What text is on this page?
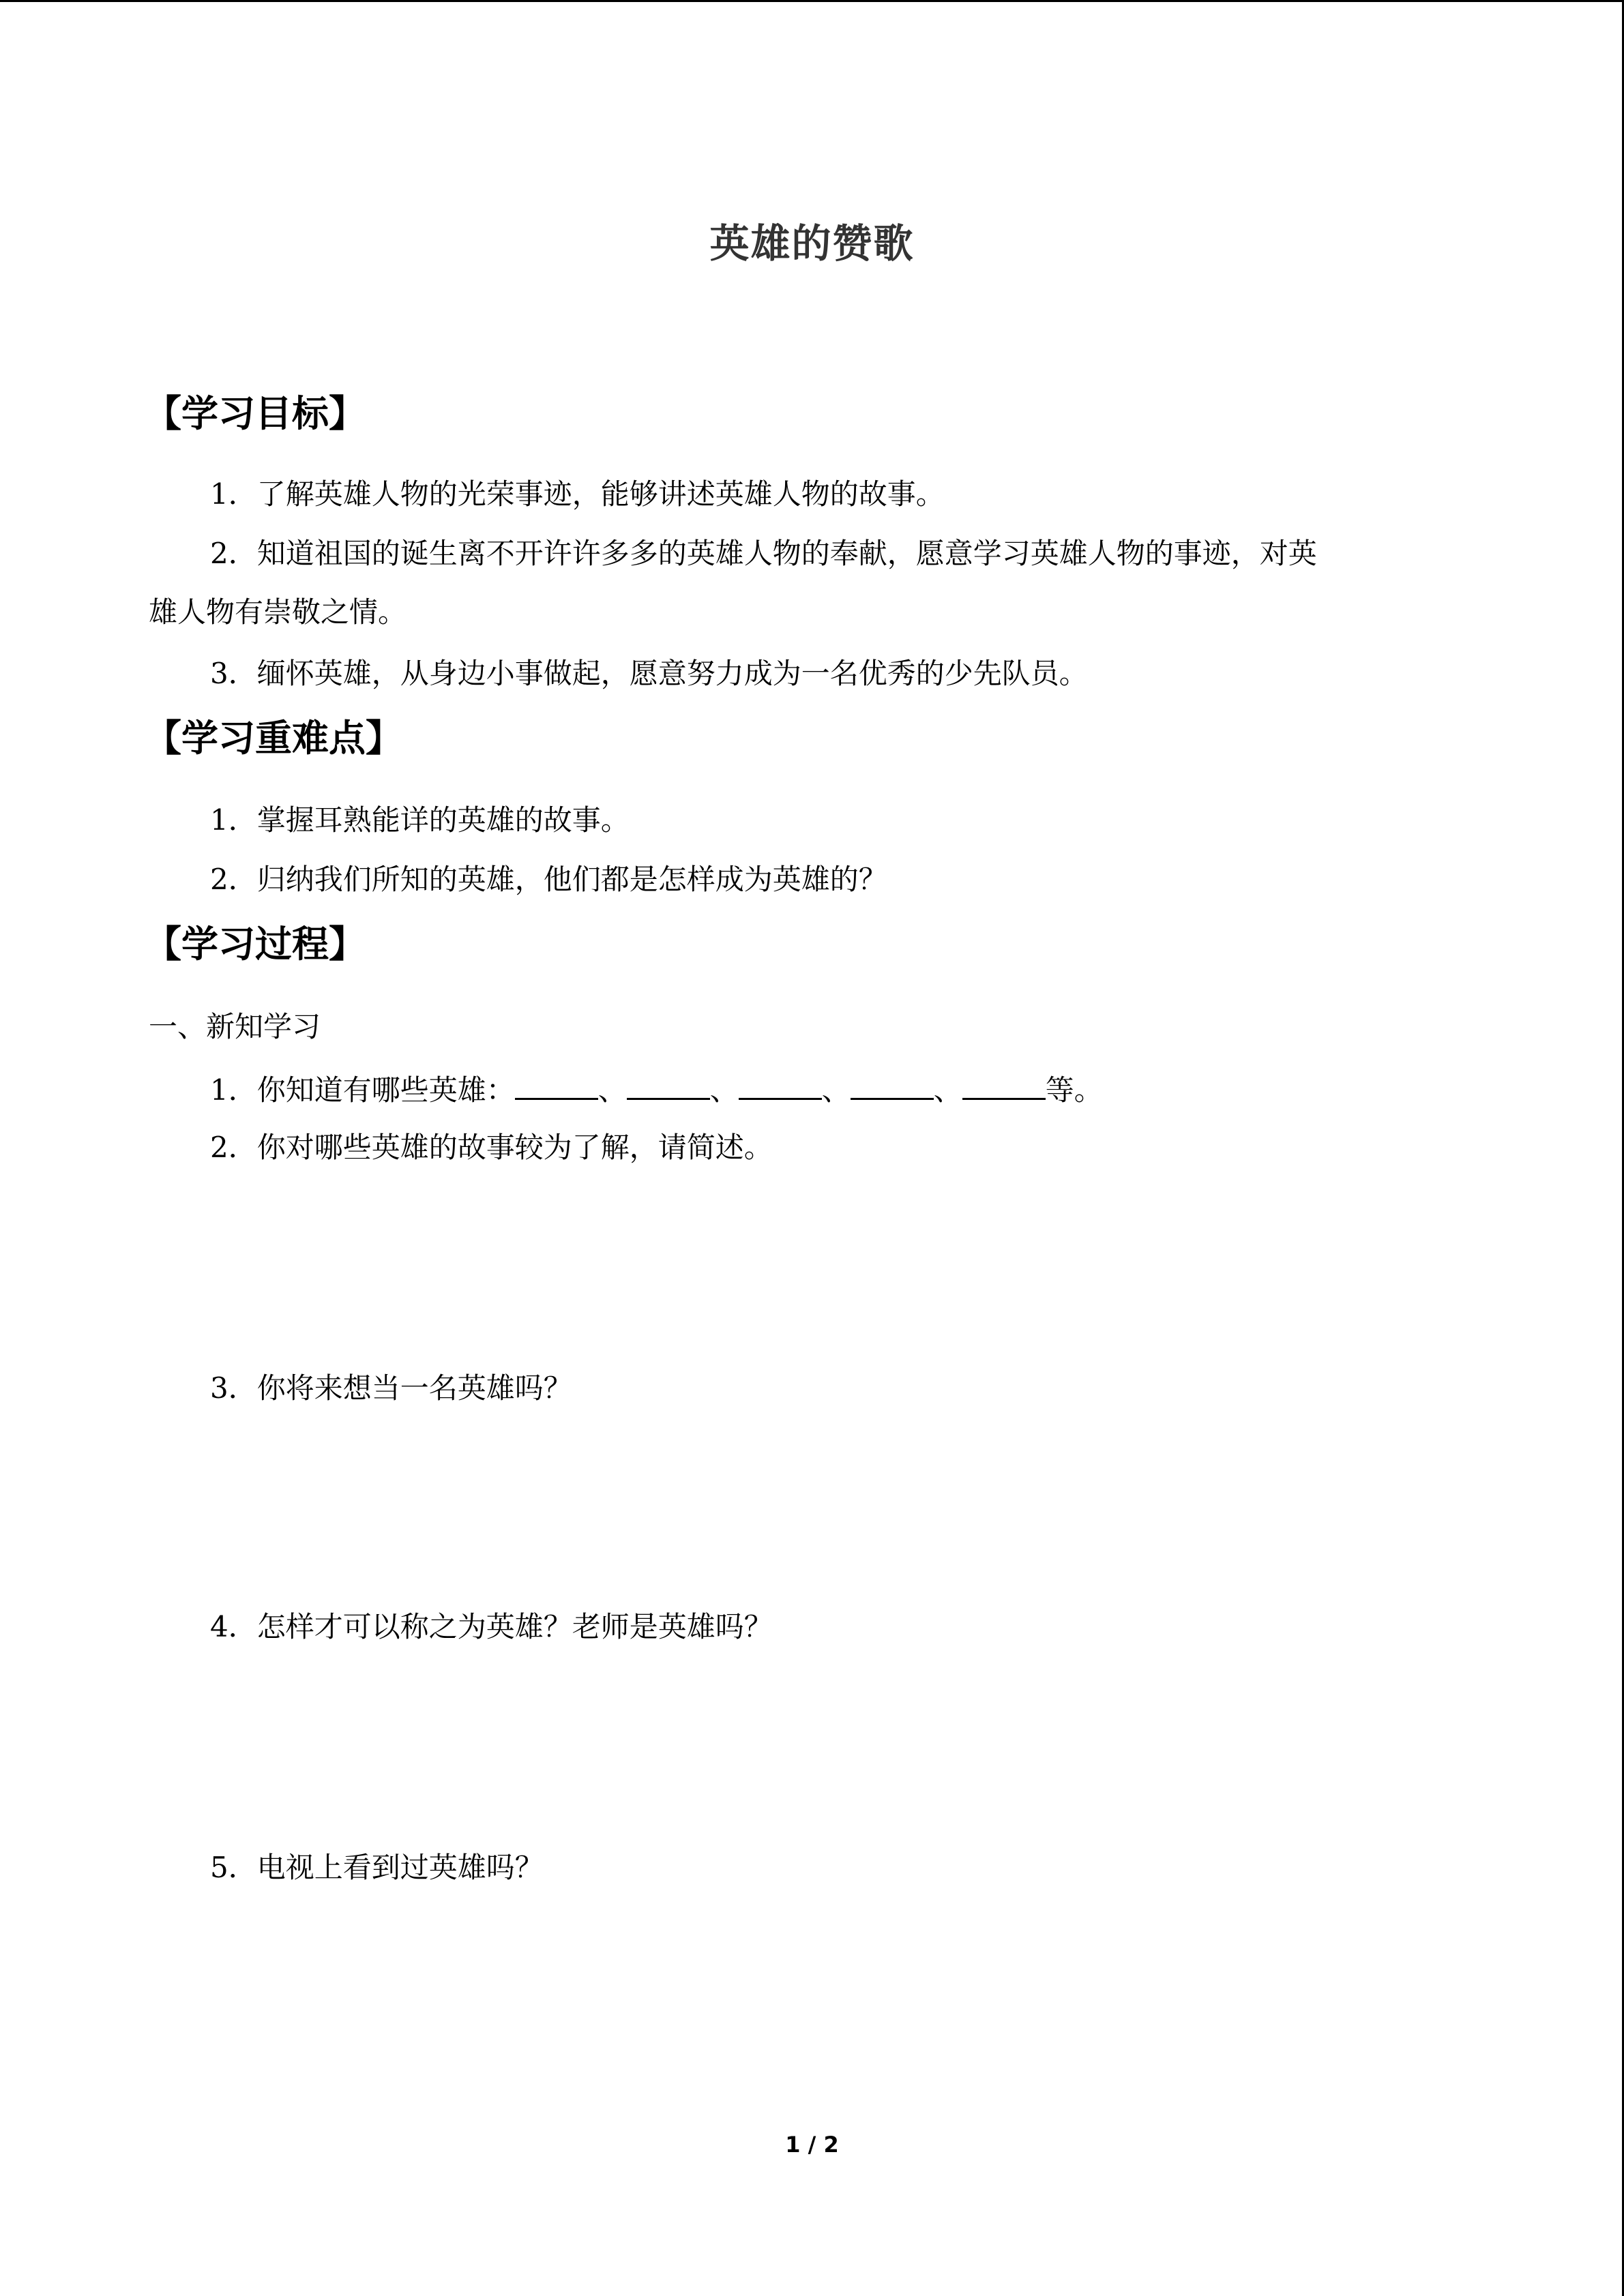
英雄的赞歌
【学习目标】
1．了解英雄人物的光荣事迹，能够讲述英雄人物的故事。
2．知道祖国的诞生离不开许许多多的英雄人物的奉献，愿意学习英雄人物的事迹，对英
雄人物有崇敬之情。
3．缅怀英雄，从身边小事做起，愿意努力成为一名优秀的少先队员。
【学习重难点】
1．掌握耳熟能详的英雄的故事。
2．归纳我们所知的英雄，他们都是怎样成为英雄的？
【学习过程】
一、新知学习
1．你知道有哪些英雄：	、	、	、	、	等。
2．你对哪些英雄的故事较为了解，请简述。
3．你将来想当一名英雄吗？
4．怎样才可以称之为英雄？老师是英雄吗？
5．电视上看到过英雄吗？
1 / 2
